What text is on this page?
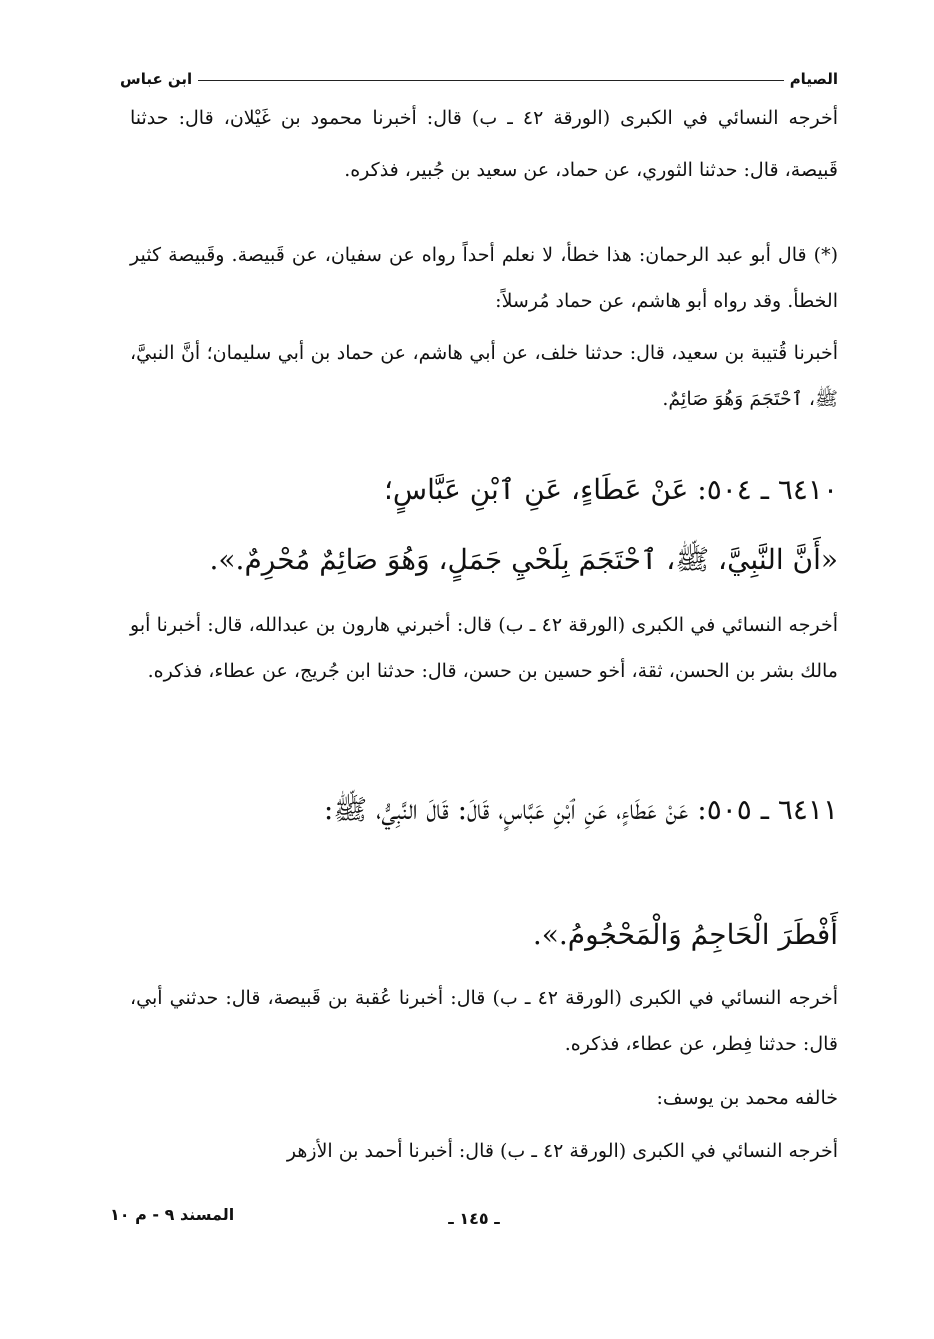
الصيام
ابن عباس
أخرجه النسائي في الكبرى (الورقة ٤٢ ـ ب) قال: أخبرنا محمود بن غَيْلان، قال: حدثنا قَبيصة، قال: حدثنا الثوري، عن حماد، عن سعيد بن جُبير، فذكره.
(*) قال أبو عبد الرحمان: هذا خطأ، لا نعلم أحداً رواه عن سفيان، عن قَبيصة. وقَبيصة كثير الخطأ. وقد رواه أبو هاشم، عن حماد مُرسلاً:
أخبرنا قُتيبة بن سعيد، قال: حدثنا خلف، عن أبي هاشم، عن حماد بن أبي سليمان؛ أنَّ النبيَّ، ﷺ، ٱحْتَجَمَ وَهُوَ صَائِمٌ.
٦٤١٠ ـ ٥٠٤: عَنْ عَطَاءٍ، عَنِ ٱبْنِ عَبَّاسٍ؛
«أَنَّ النَّبِيَّ، ﷺ، ٱحْتَجَمَ بِلَحْيِ جَمَلٍ، وَهُوَ صَائِمٌ مُحْرِمٌ.».
أخرجه النسائي في الكبرى (الورقة ٤٢ ـ ب) قال: أخبرني هارون بن عبدالله، قال: أخبرنا أبو مالك بشر بن الحسن، ثقة، أخو حسين بن حسن، قال: حدثنا ابن جُريج، عن عطاء، فذكره.
٦٤١١ ـ ٥٠٥: عَنْ عَطَاءٍ، عَنِ ٱبْنِ عَبَّاسٍ، قَالَ: قَالَ النَّبِيُّ، ﷺ:
أَفْطَرَ الْحَاجِمُ وَالْمَحْجُومُ.».
أخرجه النسائي في الكبرى (الورقة ٤٢ ـ ب) قال: أخبرنا عُقبة بن قَبيصة، قال: حدثني أبي، قال: حدثنا فِطر، عن عطاء، فذكره.
خالفه محمد بن يوسف:
أخرجه النسائي في الكبرى (الورقة ٤٢ ـ ب) قال: أخبرنا أحمد بن الأزهر
ـ ١٤٥ ـ
المسند ٩ - م ١٠
